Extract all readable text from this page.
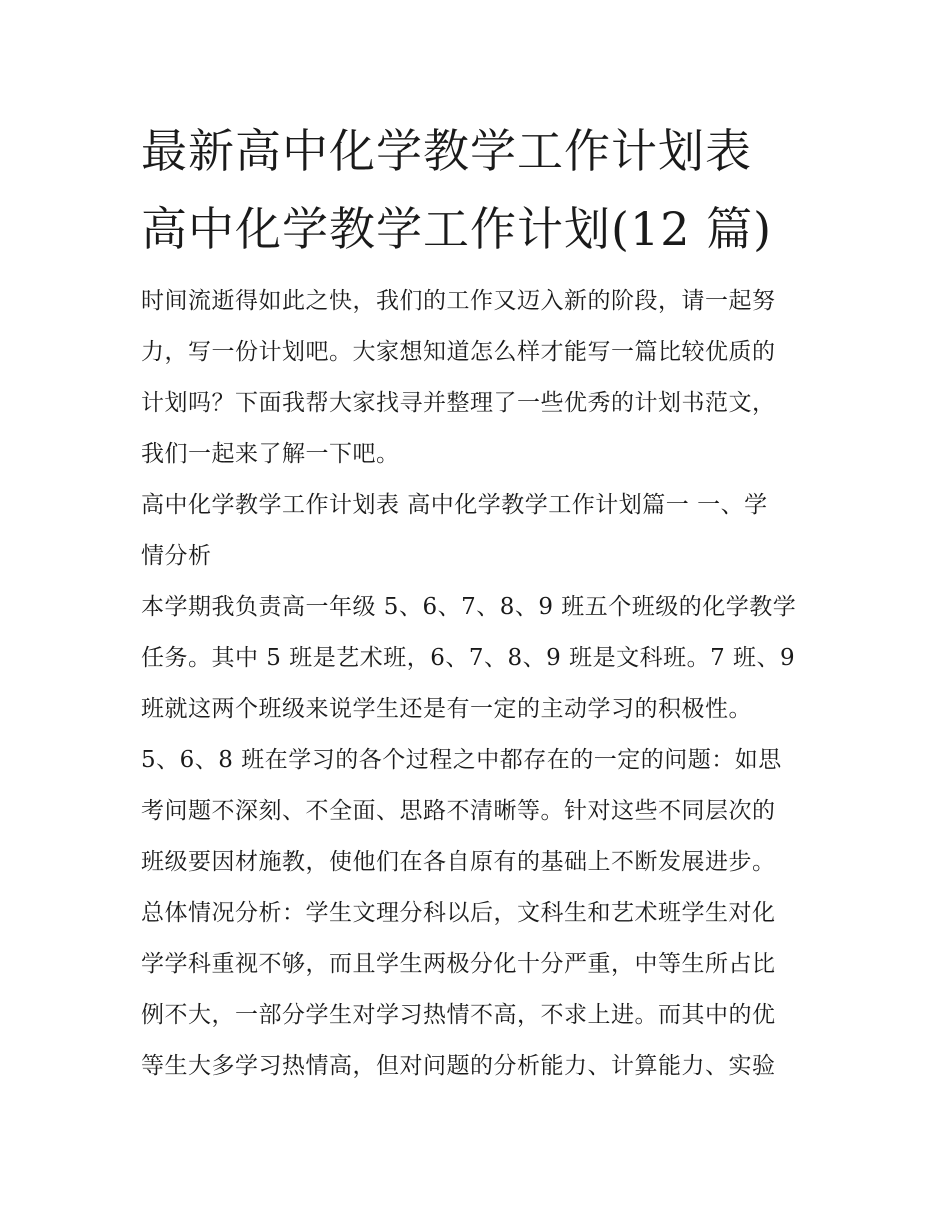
最新高中化学教学工作计划表
高中化学教学工作计划(12 篇)

时间流逝得如此之快，我们的工作又迈入新的阶段，请一起努
力，写一份计划吧。大家想知道怎么样才能写一篇比较优质的
计划吗？下面我帮大家找寻并整理了一些优秀的计划书范文，
我们一起来了解一下吧。

高中化学教学工作计划表 高中化学教学工作计划篇一 一、学
情分析

本学期我负责高一年级 5、6、7、8、9 班五个班级的化学教学
任务。其中 5 班是艺术班，6、7、8、9 班是文科班。7 班、9
班就这两个班级来说学生还是有一定的主动学习的积极性。
5、6、8 班在学习的各个过程之中都存在的一定的问题：如思
考问题不深刻、不全面、思路不清晰等。针对这些不同层次的
班级要因材施教，使他们在各自原有的基础上不断发展进步。
总体情况分析：学生文理分科以后，文科生和艺术班学生对化
学学科重视不够，而且学生两极分化十分严重，中等生所占比
例不大，一部分学生对学习热情不高，不求上进。而其中的优
等生大多学习热情高，但对问题的分析能力、计算能力、实验
